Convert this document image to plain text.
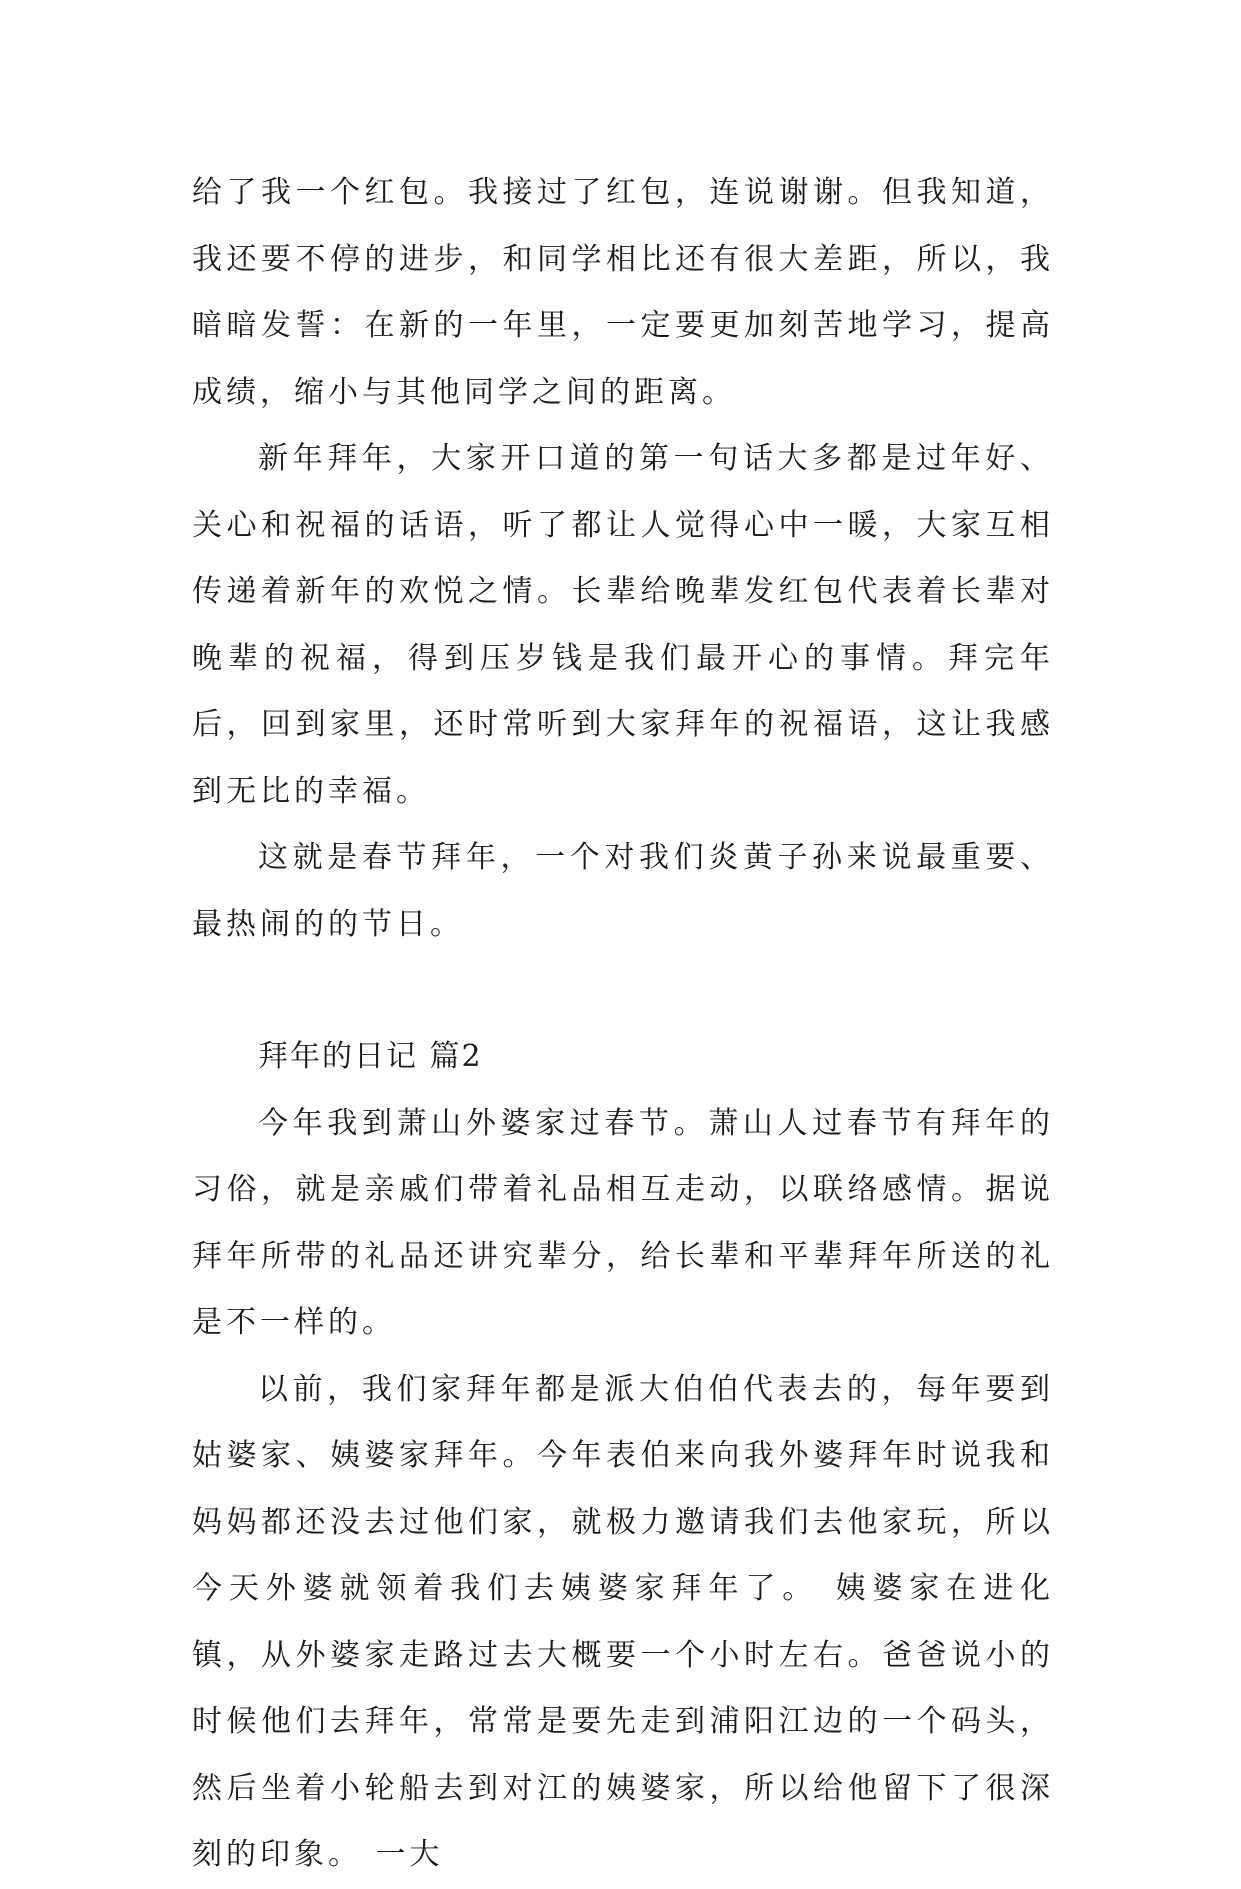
给了我一个红包。我接过了红包，连说谢谢。但我知道，我还要不停的进步，和同学相比还有很大差距，所以，我暗暗发誓：在新的一年里，一定要更加刻苦地学习，提高成绩，缩小与其他同学之间的距离。

新年拜年，大家开口道的第一句话大多都是过年好、关心和祝福的话语，听了都让人觉得心中一暖，大家互相传递着新年的欢悦之情。长辈给晚辈发红包代表着长辈对晚辈的祝福，得到压岁钱是我们最开心的事情。拜完年后，回到家里，还时常听到大家拜年的祝福语，这让我感到无比的幸福。

这就是春节拜年，一个对我们炎黄子孙来说最重要、最热闹的的节日。

拜年的日记 篇2

今年我到萧山外婆家过春节。萧山人过春节有拜年的习俗，就是亲戚们带着礼品相互走动，以联络感情。据说拜年所带的礼品还讲究辈分，给长辈和平辈拜年所送的礼是不一样的。

以前，我们家拜年都是派大伯伯代表去的，每年要到姑婆家、姨婆家拜年。今年表伯来向我外婆拜年时说我和妈妈都还没去过他们家，就极力邀请我们去他家玩，所以今天外婆就领着我们去姨婆家拜年了。 姨婆家在进化镇，从外婆家走路过去大概要一个小时左右。爸爸说小的时候他们去拜年，常常是要先走到浦阳江边的一个码头，然后坐着小轮船去到对江的姨婆家，所以给他留下了很深刻的印象。 一大
